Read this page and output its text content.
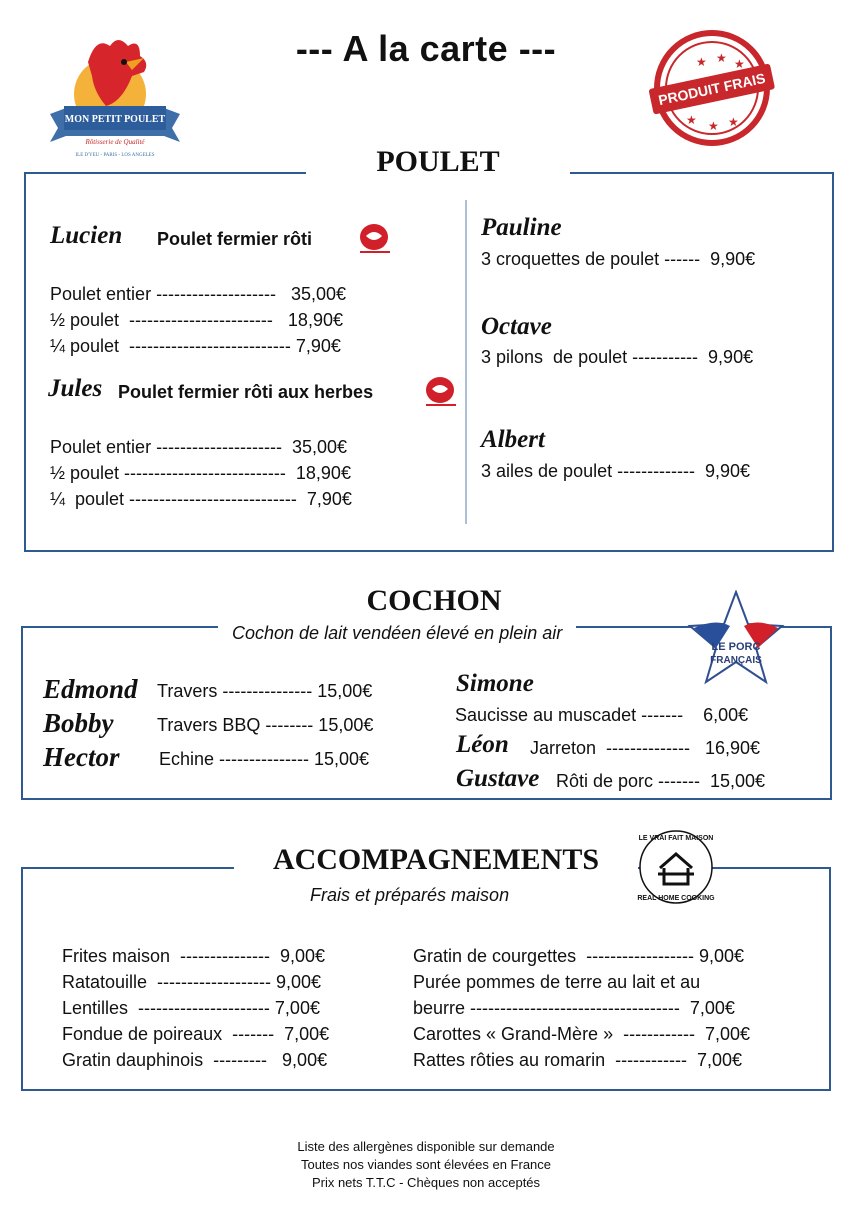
--- A la carte ---
MON PETIT POULET
Rôtisserie de Qualité
ILE D'YEU - PARIS - LOS ANGELES
★ ★ ★
★ ★ ★
PRODUIT FRAIS
POULET
Lucien Poulet fermier rôti
Poulet entier --------------------   35,00€
½ poulet  ------------------------   18,90€
¼ poulet  --------------------------- 7,90€
Jules Poulet fermier rôti aux herbes
Poulet entier ---------------------  35,00€
½ poulet ---------------------------  18,90€
¼  poulet ----------------------------  7,90€
Pauline
3 croquettes de poulet ------  9,90€
Octave
3 pilons  de poulet -----------  9,90€
Albert
3 ailes de poulet -------------  9,90€
COCHON
Cochon de lait vendéen élevé en plein air
LE PORC
FRANÇAIS
Edmond Travers --------------- 15,00€
Bobby Travers BBQ -------- 15,00€
Hector Echine --------------- 15,00€
Simone
Saucisse au muscadet -------    6,00€
Léon Jarreton  --------------   16,90€
Gustave Rôti de porc -------  15,00€
ACCOMPAGNEMENTS
Frais et préparés maison
LE VRAI FAIT MAISON
REAL HOME COOKING
Frites maison  ---------------  9,00€
Ratatouille  ------------------- 9,00€
Lentilles  ---------------------- 7,00€
Fondue de poireaux  -------  7,00€
Gratin dauphinois  ---------   9,00€
Gratin de courgettes  ------------------ 9,00€
Purée pommes de terre au lait et au
beurre -----------------------------------  7,00€
Carottes « Grand-Mère »  ------------  7,00€
Rattes rôties au romarin  ------------  7,00€
Liste des allergènes disponible sur demande
Toutes nos viandes sont élevées en France
Prix nets T.T.C - Chèques non acceptés
